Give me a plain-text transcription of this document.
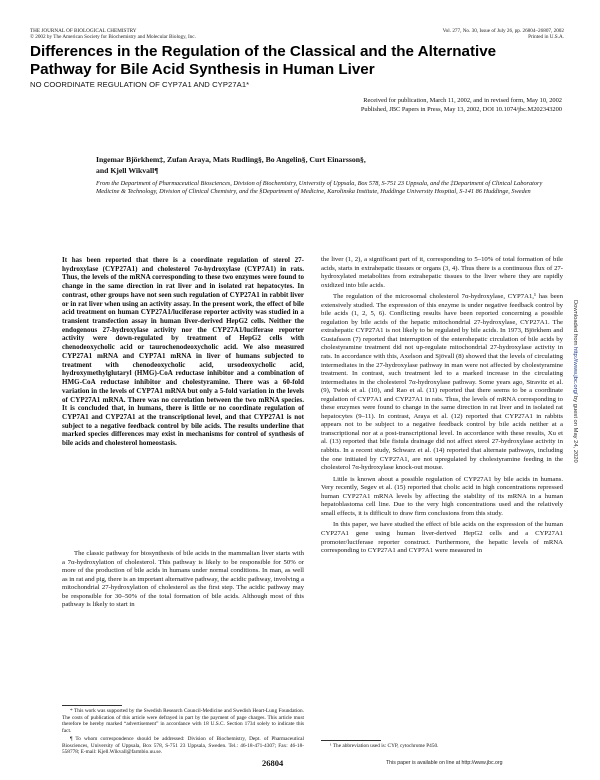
THE JOURNAL OF BIOLOGICAL CHEMISTRY
© 2002 by The American Society for Biochemistry and Molecular Biology, Inc.
Vol. 277, No. 30, Issue of July 26, pp. 26804–26807, 2002
Printed in U.S.A.
Differences in the Regulation of the Classical and the Alternative Pathway for Bile Acid Synthesis in Human Liver
NO COORDINATE REGULATION OF CYP7A1 AND CYP27A1*
Received for publication, March 11, 2002, and in revised form, May 10, 2002
Published, JBC Papers in Press, May 13, 2002, DOI 10.1074/jbc.M202343200
Ingemar Björkhem‡, Zufan Araya, Mats Rudling§, Bo Angelin§, Curt Einarsson§,
and Kjell Wikvall¶
From the Department of Pharmaceutical Biosciences, Division of Biochemistry, University of Uppsala, Box 578, S-751 23 Uppsala, and the ‡Department of Clinical Laboratory Medicine & Technology, Division of Clinical Chemistry, and the §Department of Medicine, Karolinska Institute, Huddinge University Hospital, S-141 86 Huddinge, Sweden
It has been reported that there is a coordinate regulation of sterol 27-hydroxylase (CYP27A1) and cholesterol 7α-hydroxylase (CYP7A1) in rats. Thus, the levels of the mRNA corresponding to these two enzymes were found to change in the same direction in rat liver and in isolated rat hepatocytes. In contrast, other groups have not seen such regulation of CYP27A1 in rabbit liver or in rat liver when using an activity assay. In the present work, the effect of bile acid treatment on human CYP27A1/luciferase reporter activity was studied in a transient transfection assay in human liver-derived HepG2 cells. Neither the endogenous 27-hydroxylase activity nor the CYP27A1/luciferase reporter activity were down-regulated by treatment of HepG2 cells with chenodeoxycholic acid or taurochenodeoxycholic acid. We also measured CYP27A1 mRNA and CYP7A1 mRNA in liver of humans subjected to treatment with chenodeoxycholic acid, ursodeoxycholic acid, hydroxymethylglutaryl (HMG)-CoA reductase inhibitor and a combination of HMG-CoA reductase inhibitor and cholestyramine. There was a 60-fold variation in the levels of CYP7A1 mRNA but only a 5-fold variation in the levels of CYP27A1 mRNA. There was no correlation between the two mRNA species. It is concluded that, in humans, there is little or no coordinate regulation of CYP7A1 and CYP27A1 at the transcriptional level, and that CYP27A1 is not subject to a negative feedback control by bile acids. The results underline that marked species differences may exist in mechanisms for control of synthesis of bile acids and cholesterol homeostasis.

The classic pathway for biosynthesis of bile acids in the mammalian liver starts with a 7α-hydroxylation of cholesterol. This pathway is likely to be responsible for 50% or more of the production of bile acids in humans under normal conditions. In man, as well as in rat and pig, there is an important alternative pathway, the acidic pathway, involving a mitochondrial 27-hydroxylation of cholesterol as the first step. The acidic pathway may be responsible for 30–50% of the total formation of bile acids. Although most of this pathway is likely to start in

the liver (1, 2), a significant part of it, corresponding to 5–10% of total formation of bile acids, starts in extrahepatic tissues or organs (3, 4). Thus there is a continuous flux of 27-hydroxylated metabolites from extrahepatic tissues to the liver where they are rapidly oxidized into bile acids.

The regulation of the microsomal cholesterol 7α-hydroxylase, CYP7A1,¹ has been extensively studied. The expression of this enzyme is under negative feedback control by bile acids (1, 2, 5, 6). Conflicting results have been reported concerning a possible regulation by bile acids of the hepatic mitochondrial 27-hydroxylase, CYP27A1. The extrahepatic CYP27A1 is not likely to be regulated by bile acids. In 1973, Björkhem and Gustafsson (7) reported that interruption of the enterohepatic circulation of bile acids by cholestyramine treatment did not up-regulate mitochondrial 27-hydroxylase activity in rats. In accordance with this, Axelson and Sjövall (8) showed that the levels of circulating intermediates in the 27-hydroxylase pathway in man were not affected by cholestyramine treatment. In contrast, such treatment led to a marked increase in the circulating intermediates in the cholesterol 7α-hydroxylase pathway. Some years ago, Stravitz et al. (9), Twisk et al. (10), and Rao et al. (11) reported that there seems to be a coordinate regulation of CYP7A1 and CYP27A1 in rats. Thus, the levels of mRNA corresponding to these enzymes were found to change in the same direction in rat liver and in isolated rat hepatocytes (9–11). In contrast, Araya et al. (12) reported that CYP27A1 in rabbits appears not to be subject to a negative feedback control by bile acids neither at a transcriptional nor at a post-transcriptional level. In accordance with these results, Xu et al. (13) reported that bile fistula drainage did not affect sterol 27-hydroxylase activity in rabbits. In a recent study, Schwarz et al. (14) reported that alternate pathways, including the one initiated by CYP27A1, are not upregulated by cholestyramine feeding in the cholesterol 7α-hydroxylase knock-out mouse.

Little is known about a possible regulation of CYP27A1 by bile acids in humans. Very recently, Segev et al. (15) reported that cholic acid in high concentrations repressed human CYP27A1 mRNA levels by affecting the stability of its mRNA in a human hepatoblastoma cell line. Due to the very high concentrations used and the relatively small effects, it is difficult to draw firm conclusions from this study.

In this paper, we have studied the effect of bile acids on the expression of the human CYP27A1 gene using human liver-derived HepG2 cells and a CYP27A1 promoter/luciferase reporter construct. Furthermore, the hepatic levels of mRNA corresponding to CYP27A1 and CYP7A1 were measured in

* This work was supported by the Swedish Research Council-Medicine and Swedish Heart-Lung Foundation. The costs of publication of this article were defrayed in part by the payment of page charges. This article must therefore be hereby marked “advertisement” in accordance with 18 U.S.C. Section 1734 solely to indicate this fact.

¶ To whom correspondence should be addressed: Division of Biochemistry, Dept. of Pharmaceutical Biosciences, University of Uppsala, Box 578, S-751 23 Uppsala, Sweden. Tel.: 46-18-471-4307; Fax: 46-18-558778; E-mail: Kjell.Wikvall@farmbio.uu.se.

¹ The abbreviation used is: CYP, cytochrome P450.
26804	This paper is available on line at http://www.jbc.org
Downloaded from http://www.jbc.org/ by guest on May 24, 2020
